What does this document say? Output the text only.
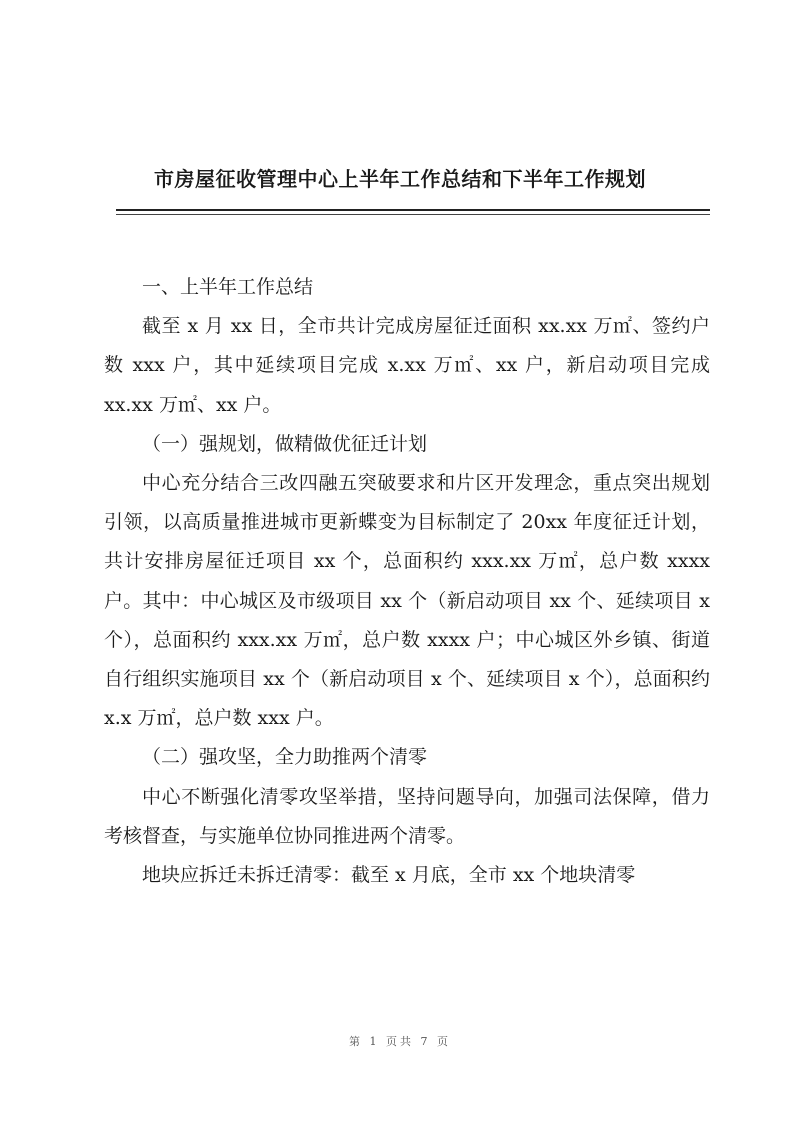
市房屋征收管理中心上半年工作总结和下半年工作规划

一、上半年工作总结

截至 x 月 xx 日，全市共计完成房屋征迁面积 xx.xx 万㎡、签约户数 xxx 户，其中延续项目完成 x.xx 万㎡、xx 户，新启动项目完成 xx.xx 万㎡、xx 户。

（一）强规划，做精做优征迁计划

中心充分结合三改四融五突破要求和片区开发理念，重点突出规划引领，以高质量推进城市更新蝶变为目标制定了 20xx 年度征迁计划，共计安排房屋征迁项目 xx 个，总面积约 xxx.xx 万㎡，总户数 xxxx 户。其中：中心城区及市级项目 xx 个（新启动项目 xx 个、延续项目 x 个），总面积约 xxx.xx 万㎡，总户数 xxxx 户；中心城区外乡镇、街道自行组织实施项目 xx 个（新启动项目 x 个、延续项目 x 个），总面积约 x.x 万㎡，总户数 xxx 户。

（二）强攻坚，全力助推两个清零

中心不断强化清零攻坚举措，坚持问题导向，加强司法保障，借力考核督查，与实施单位协同推进两个清零。

地块应拆迁未拆迁清零：截至 x 月底，全市 xx 个地块清零

第 1 页共 7 页
